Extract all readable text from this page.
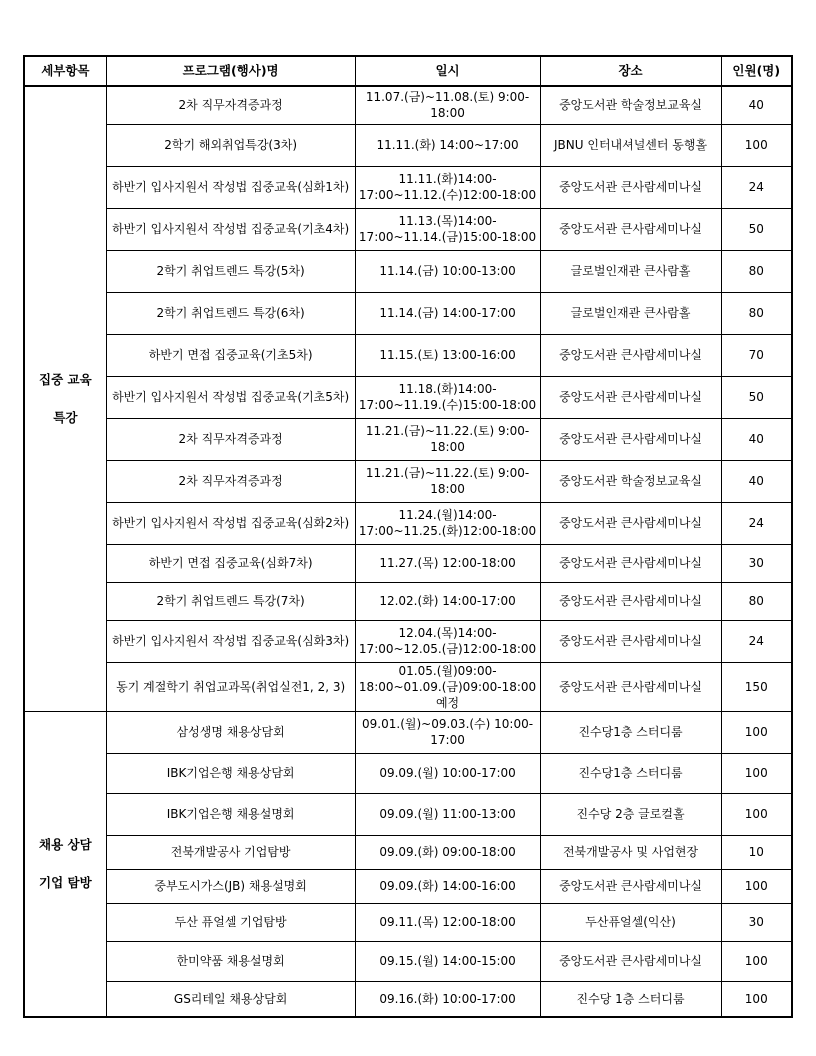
세부항목	프로그램(행사)명	일시	장소	인원(명)

집중 교육
특강	2차 직무자격증과정	11.07.(금)~11.08.(토) 9:00-18:00	중앙도서관 학술정보교육실	40
	2학기 해외취업특강(3차)	11.11.(화) 14:00~17:00	JBNU 인터내셔널센터 동행홀	100
	하반기 입사지원서 작성법 집중교육(심화1차)	11.11.(화)14:00-17:00~11.12.(수)12:00-18:00	중앙도서관 큰사람세미나실	24
	하반기 입사지원서 작성법 집중교육(기초4차)	11.13.(목)14:00-17:00~11.14.(금)15:00-18:00	중앙도서관 큰사람세미나실	50
	2학기 취업트렌드 특강(5차)	11.14.(금) 10:00-13:00	글로벌인재관 큰사람홀	80
	2학기 취업트렌드 특강(6차)	11.14.(금) 14:00-17:00	글로벌인재관 큰사람홀	80
	하반기 면접 집중교육(기초5차)	11.15.(토) 13:00-16:00	중앙도서관 큰사람세미나실	70
	하반기 입사지원서 작성법 집중교육(기초5차)	11.18.(화)14:00-17:00~11.19.(수)15:00-18:00	중앙도서관 큰사람세미나실	50
	2차 직무자격증과정	11.21.(금)~11.22.(토) 9:00-18:00	중앙도서관 큰사람세미나실	40
	2차 직무자격증과정	11.21.(금)~11.22.(토) 9:00-18:00	중앙도서관 학술정보교육실	40
	하반기 입사지원서 작성법 집중교육(심화2차)	11.24.(월)14:00-17:00~11.25.(화)12:00-18:00	중앙도서관 큰사람세미나실	24
	하반기 면접 집중교육(심화7차)	11.27.(목) 12:00-18:00	중앙도서관 큰사람세미나실	30
	2학기 취업트렌드 특강(7차)	12.02.(화) 14:00-17:00	중앙도서관 큰사람세미나실	80
	하반기 입사지원서 작성법 집중교육(심화3차)	12.04.(목)14:00-17:00~12.05.(금)12:00-18:00	중앙도서관 큰사람세미나실	24
	동기 계절학기 취업교과목(취업실전1, 2, 3)	01.05.(월)09:00-18:00~01.09.(금)09:00-18:00 예정	중앙도서관 큰사람세미나실	150

채용 상담
기업 탐방	삼성생명 채용상담회	09.01.(월)~09.03.(수) 10:00-17:00	진수당1층 스터디룸	100
	IBK기업은행 채용상담회	09.09.(월) 10:00-17:00	진수당1층 스터디룸	100
	IBK기업은행 채용설명회	09.09.(월) 11:00-13:00	진수당 2층 글로컬홀	100
	전북개발공사 기업탐방	09.09.(화) 09:00-18:00	전북개발공사 및 사업현장	10
	중부도시가스(JB) 채용설명회	09.09.(화) 14:00-16:00	중앙도서관 큰사람세미나실	100
	두산 퓨얼셀 기업탐방	09.11.(목) 12:00-18:00	두산퓨얼셀(익산)	30
	한미약품 채용설명회	09.15.(월) 14:00-15:00	중앙도서관 큰사람세미나실	100
	GS리테일 채용상담회	09.16.(화) 10:00-17:00	진수당 1층 스터디룸	100
